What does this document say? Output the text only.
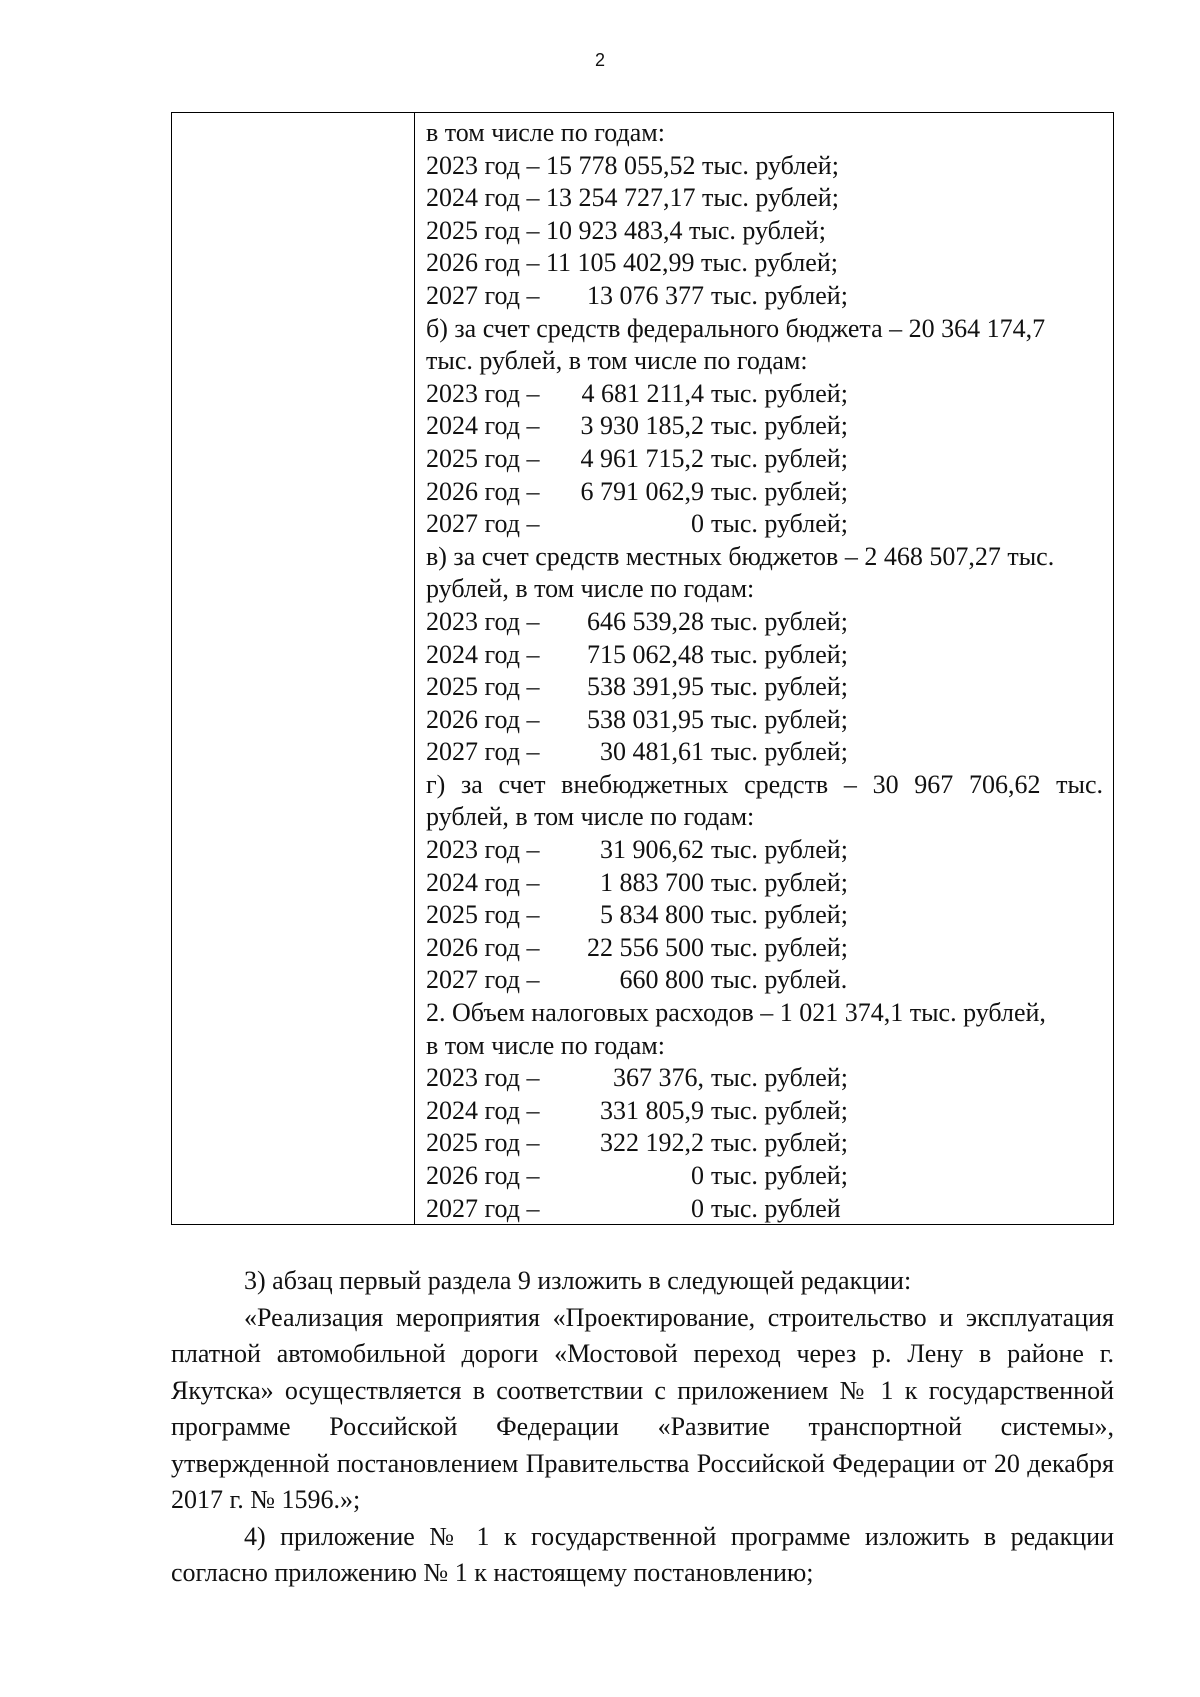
2
в том числе по годам:
2023 год – 15 778 055,52 тыс. рублей;
2024 год – 13 254 727,17 тыс. рублей;
2025 год – 10 923 483,4 тыс. рублей;
2026 год – 11 105 402,99 тыс. рублей;
2027 год – 13 076 377 тыс. рублей;
б) за счет средств федерального бюджета – 20 364 174,7
тыс. рублей, в том числе по годам:
2023 год – 4 681 211,4 тыс. рублей;
2024 год – 3 930 185,2 тыс. рублей;
2025 год – 4 961 715,2 тыс. рублей;
2026 год – 6 791 062,9 тыс. рублей;
2027 год –	0 тыс. рублей;
в) за счет средств местных бюджетов – 2 468 507,27 тыс.
рублей, в том числе по годам:
2023 год – 646 539,28 тыс. рублей;
2024 год – 715 062,48 тыс. рублей;
2025 год – 538 391,95 тыс. рублей;
2026 год – 538 031,95 тыс. рублей;
2027 год – 30 481,61 тыс. рублей;
г) за счет внебюджетных средств – 30 967 706,62 тыс.
рублей, в том числе по годам:
2023 год – 31 906,62 тыс. рублей;
2024 год – 1 883 700 тыс. рублей;
2025 год – 5 834 800 тыс. рублей;
2026 год – 22 556 500 тыс. рублей;
2027 год –	660 800 тыс. рублей.
2. Объем налоговых расходов – 1 021 374,1 тыс. рублей,
в том числе по годам:
2023 год –	367 376, тыс. рублей;
2024 год – 331 805,9 тыс. рублей;
2025 год – 322 192,2 тыс. рублей;
2026 год –	0 тыс. рублей;
2027 год –	0 тыс. рублей

3) абзац первый раздела 9 изложить в следующей редакции:

«Реализация мероприятия «Проектирование, строительство и эксплуатация платной автомобильной дороги «Мостовой переход через р. Лену в районе г. Якутска» осуществляется в соответствии с приложением № 1 к государственной программе Российской Федерации «Развитие транспортной системы», утвержденной постановлением Правительства Российской Федерации от 20 декабря 2017 г. № 1596.»;

4) приложение № 1 к государственной программе изложить в редакции согласно приложению № 1 к настоящему постановлению;
